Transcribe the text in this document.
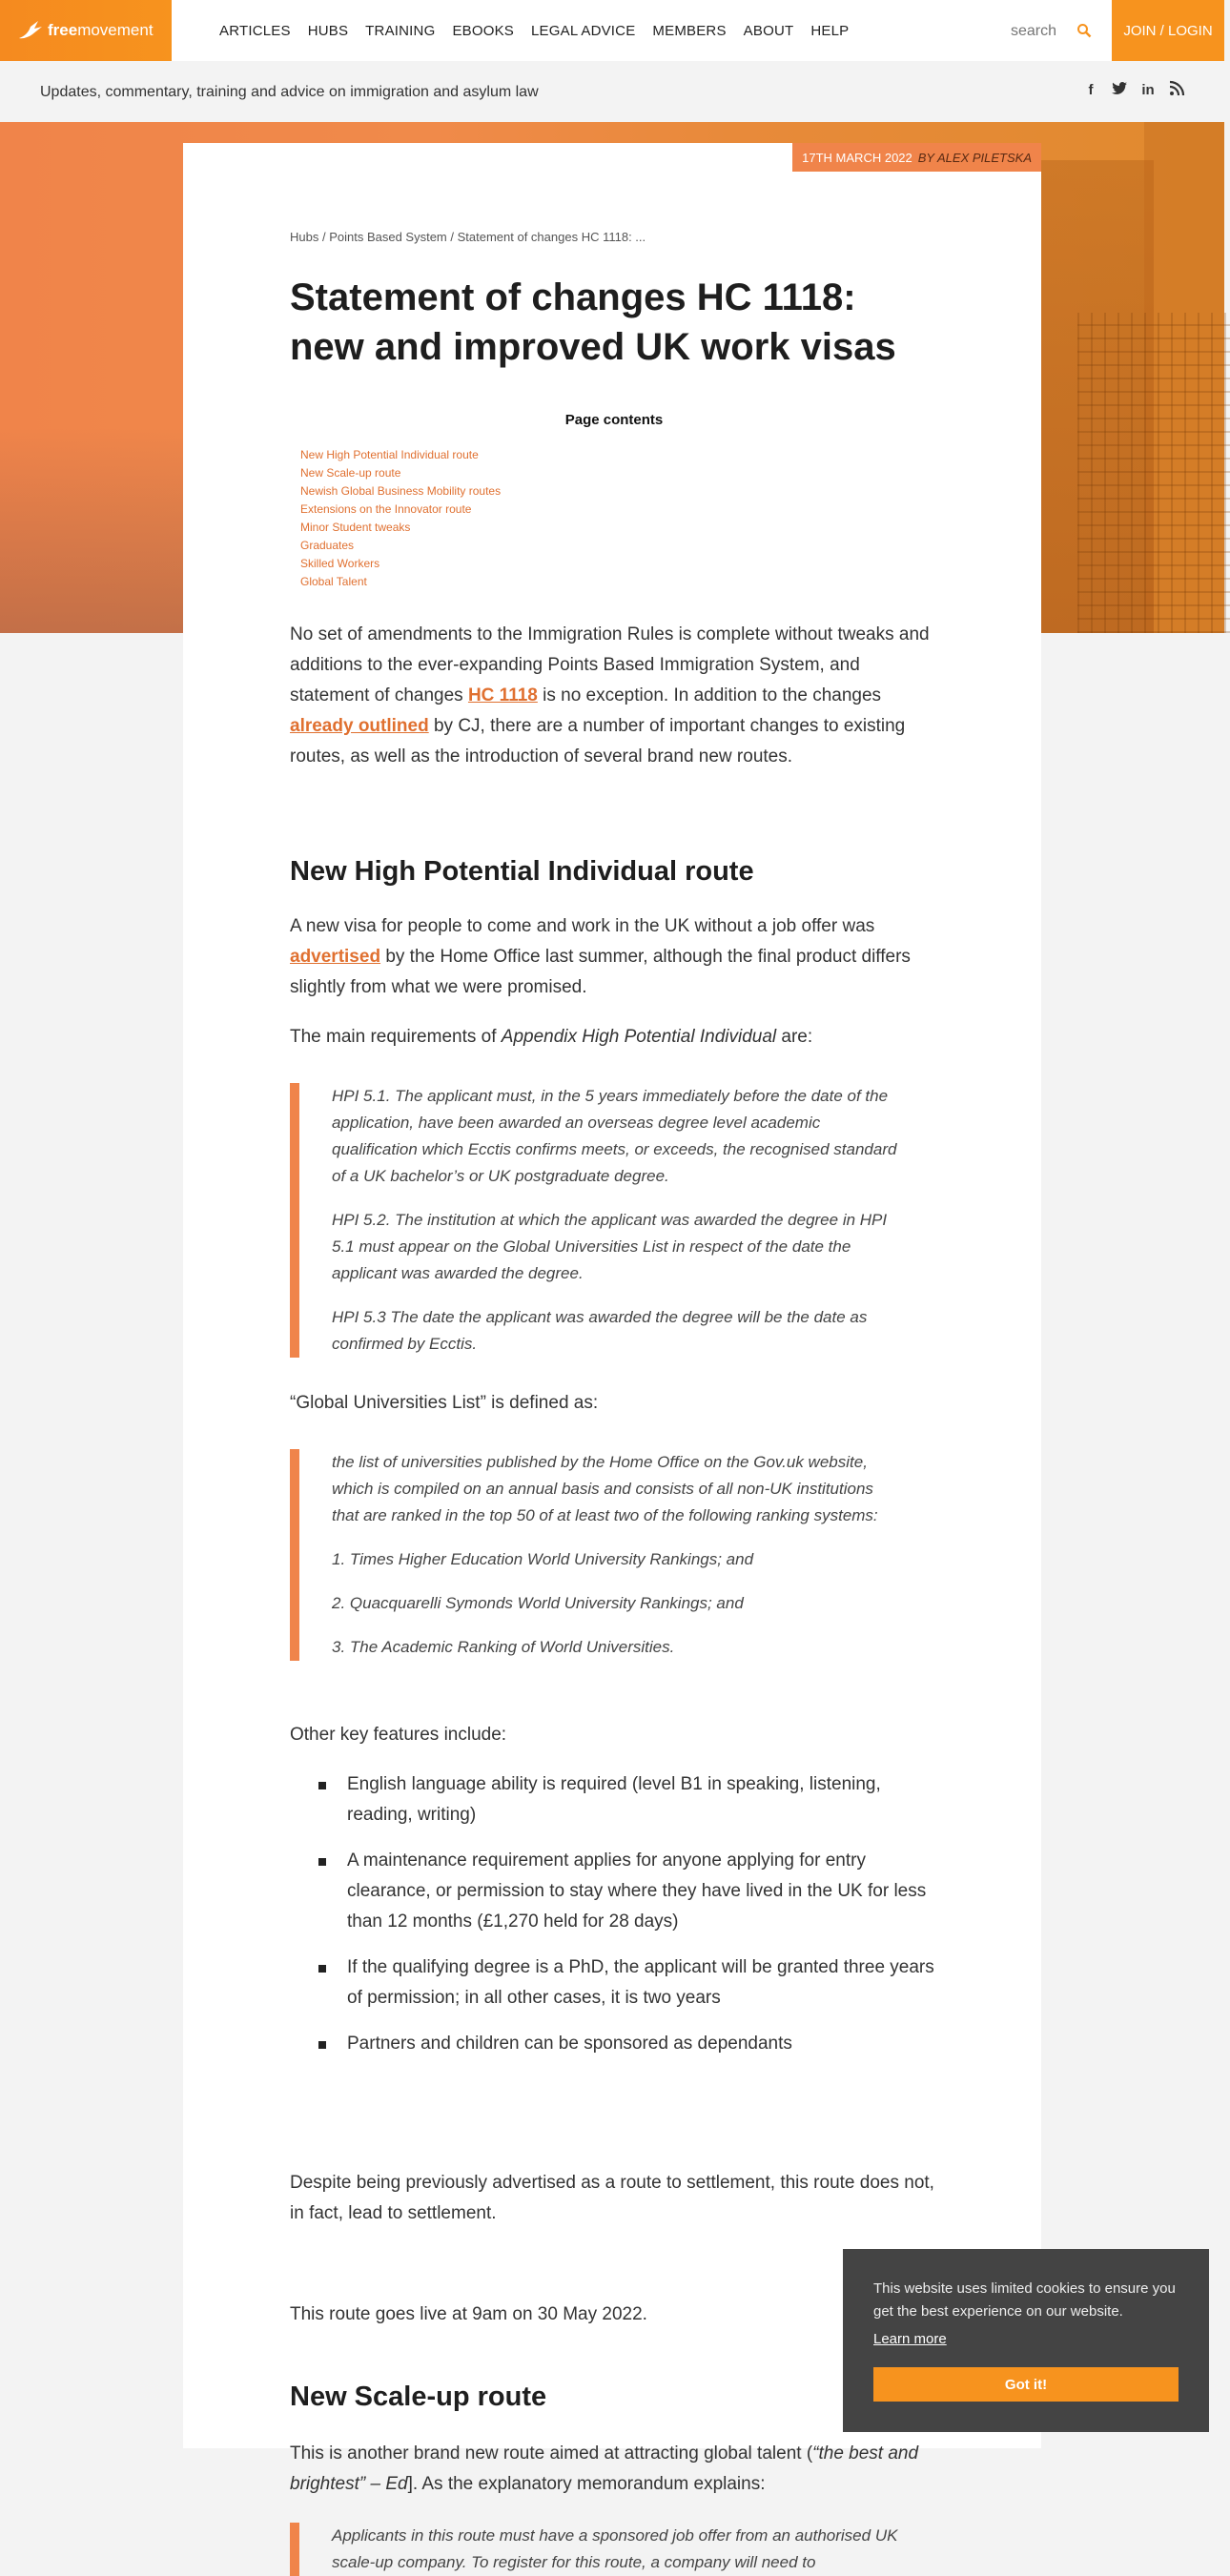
free movement	ARTICLES HUBS TRAINING EBOOKS LEGAL ADVICE MEMBERS ABOUT HELP
search	JOIN / LOGIN
Updates, commentary, training and advice on immigration and asylum law	f	in
17TH MARCH 2022 BY ALEX PILETSKA
Hubs / Points Based System / Statement of changes HC 1118: ...
Statement of changes HC 1118: new and improved UK work visas
Page contents
New High Potential Individual route
New Scale-up route
Newish Global Business Mobility routes
Extensions on the Innovator route
Minor Student tweaks
Graduates
Skilled Workers
Global Talent

No set of amendments to the Immigration Rules is complete without tweaks and additions to the ever-expanding Points Based Immigration System, and statement of changes HC 1118 is no exception. In addition to the changes already outlined by CJ, there are a number of important changes to existing routes, as well as the introduction of several brand new routes.

New High Potential Individual route

A new visa for people to come and work in the UK without a job offer was advertised by the Home Office last summer, although the final product differs slightly from what we were promised.

The main requirements of Appendix High Potential Individual are:

HPI 5.1. The applicant must, in the 5 years immediately before the date of the application, have been awarded an overseas degree level academic qualification which Ecctis confirms meets, or exceeds, the recognised standard of a UK bachelor’s or UK postgraduate degree.

HPI 5.2. The institution at which the applicant was awarded the degree in HPI 5.1 must appear on the Global Universities List in respect of the date the applicant was awarded the degree.

HPI 5.3 The date the applicant was awarded the degree will be the date as confirmed by Ecctis.

“Global Universities List” is defined as:

the list of universities published by the Home Office on the Gov.uk website, which is compiled on an annual basis and consists of all non-UK institutions that are ranked in the top 50 of at least two of the following ranking systems:

1. Times Higher Education World University Rankings; and

2. Quacquarelli Symonds World University Rankings; and

3. The Academic Ranking of World Universities.

Other key features include:

English language ability is required (level B1 in speaking, listening, reading, writing)
A maintenance requirement applies for anyone applying for entry clearance, or permission to stay where they have lived in the UK for less than 12 months (£1,270 held for 28 days)
If the qualifying degree is a PhD, the applicant will be granted three years of permission; in all other cases, it is two years
Partners and children can be sponsored as dependants

Despite being previously advertised as a route to settlement, this route does not, in fact, lead to settlement.

This route goes live at 9am on 30 May 2022.

New Scale-up route

This is another brand new route aimed at attracting global talent (“the best and brightest” – Ed]. As the explanatory memorandum explains:

Applicants in this route must have a sponsored job offer from an authorised UK scale-up company. To register for this route, a company will need to

This website uses limited cookies to ensure you get the best experience on our website.
Learn more
Got it!
